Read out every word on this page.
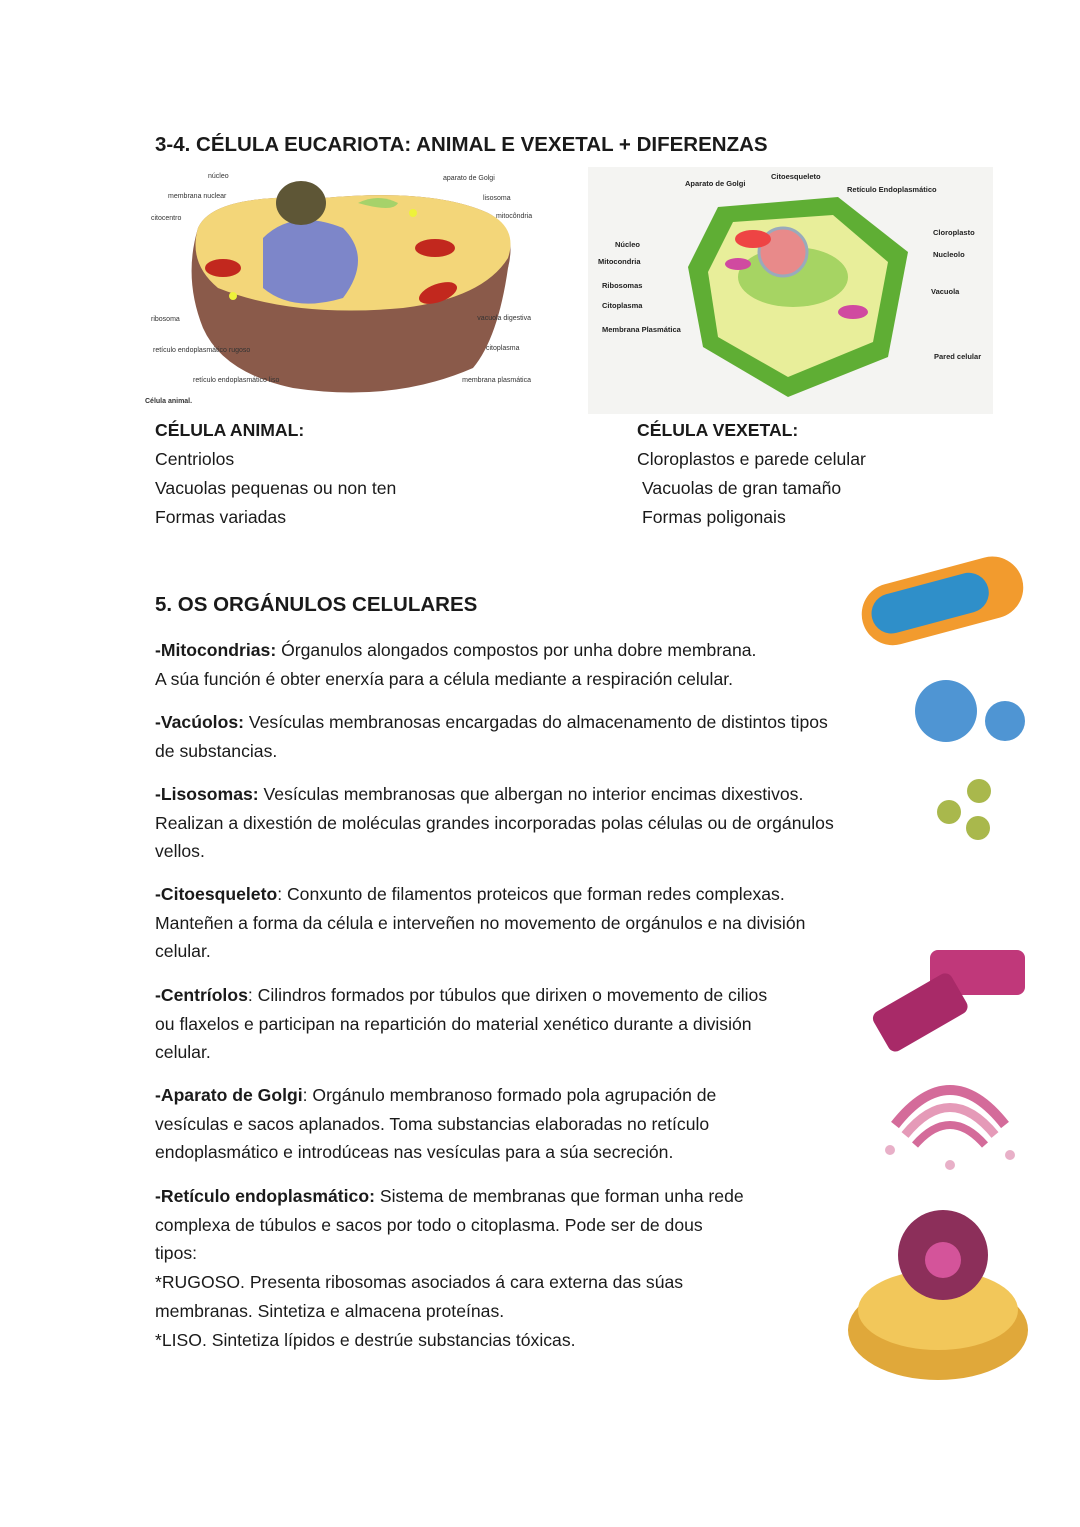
3-4. CÉLULA EUCARIOTA: ANIMAL E VEXETAL + DIFERENZAS
núcleo
membrana nuclear
citocentro
ribosoma
retículo endoplasmático rugoso
retículo endoplasmático liso
aparato de Golgi
lisosoma
mitocôndria
vacuola digestiva
citoplasma
membrana plasmática
Célula animal.
Aparato de Golgi
Citoesqueleto
Retículo Endoplasmático
Núcleo
Mitocondria
Ribosomas
Citoplasma
Membrana Plasmática
Cloroplasto
Nucleolo
Vacuola
Pared celular
CÉLULA ANIMAL:
Centriolos
Vacuolas pequenas ou non ten
Formas variadas
CÉLULA VEXETAL:
Cloroplastos e parede celular
Vacuolas de gran tamaño
Formas poligonais
5. OS ORGÁNULOS CELULARES
-Mitocondrias: Órganulos alongados compostos por unha dobre membrana.
A súa función é obter enerxía para a célula mediante a respiración celular.
-Vacúolos: Vesículas membranosas encargadas do almacenamento de distintos tipos
de substancias.
-Lisosomas: Vesículas membranosas que albergan no interior encimas dixestivos.
Realizan a dixestión de moléculas grandes incorporadas polas células ou de orgánulos
vellos.
-Citoesqueleto: Conxunto de filamentos proteicos que forman redes complexas.
Manteñen a forma da célula e interveñen no movemento de orgánulos e na división
celular.
-Centríolos: Cilindros formados por túbulos que dirixen o movemento de cilios
ou flaxelos e participan na repartición do material xenético durante a división
celular.
-Aparato de Golgi: Orgánulo membranoso formado pola agrupación de
vesículas e sacos aplanados. Toma substancias elaboradas no retículo
endoplasmático e introdúceas nas vesículas para a súa secreción.
-Retículo endoplasmático: Sistema de membranas que forman unha rede
complexa de túbulos e sacos por todo o citoplasma. Pode ser de dous
tipos:
*RUGOSO. Presenta ribosomas asociados á cara externa das súas
membranas. Sintetiza e almacena proteínas.
*LISO. Sintetiza lípidos e destrúe substancias tóxicas.
